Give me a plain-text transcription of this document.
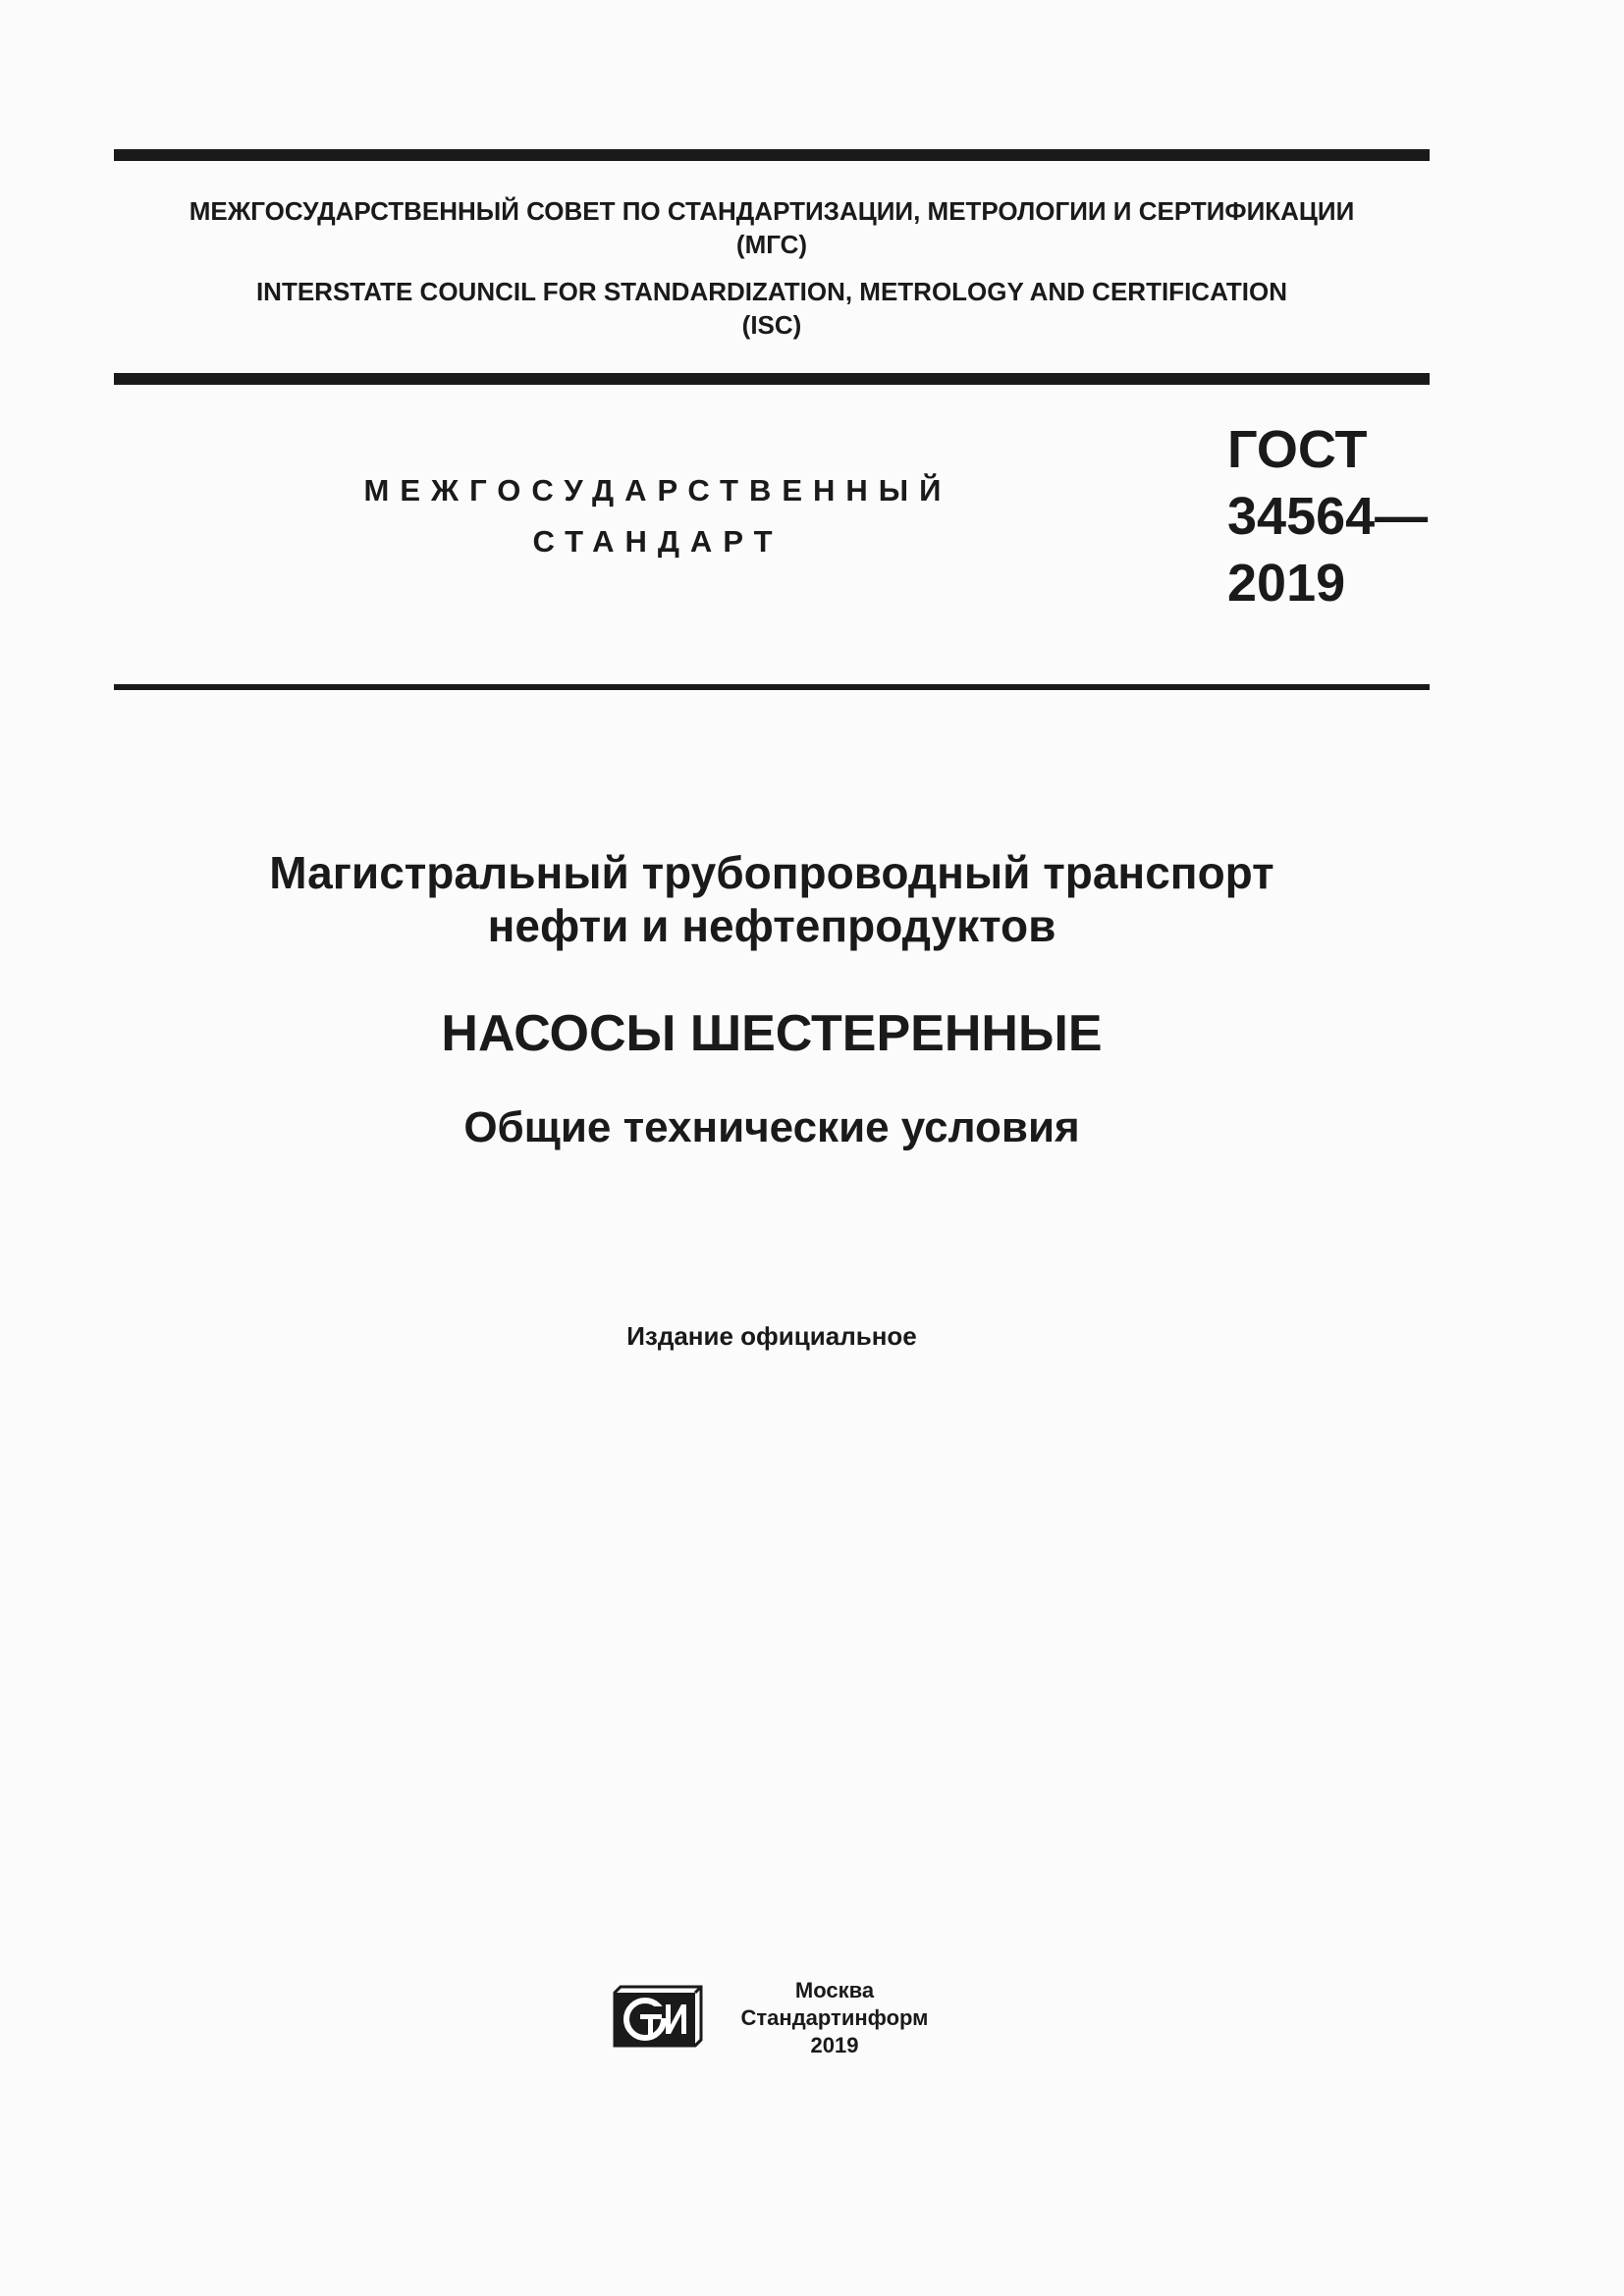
МЕЖГОСУДАРСТВЕННЫЙ СОВЕТ ПО СТАНДАРТИЗАЦИИ, МЕТРОЛОГИИ И СЕРТИФИКАЦИИ
(МГС)
INTERSTATE COUNCIL FOR STANDARDIZATION, METROLOGY AND CERTIFICATION
(ISC)
МЕЖГОСУДАРСТВЕННЫЙ
СТАНДАРТ
ГОСТ
34564—
2019
Магистральный трубопроводный транспорт
нефти и нефтепродуктов
НАСОСЫ ШЕСТЕРЕННЫЕ
Общие технические условия
Издание официальное
Москва
Стандартинформ
2019
